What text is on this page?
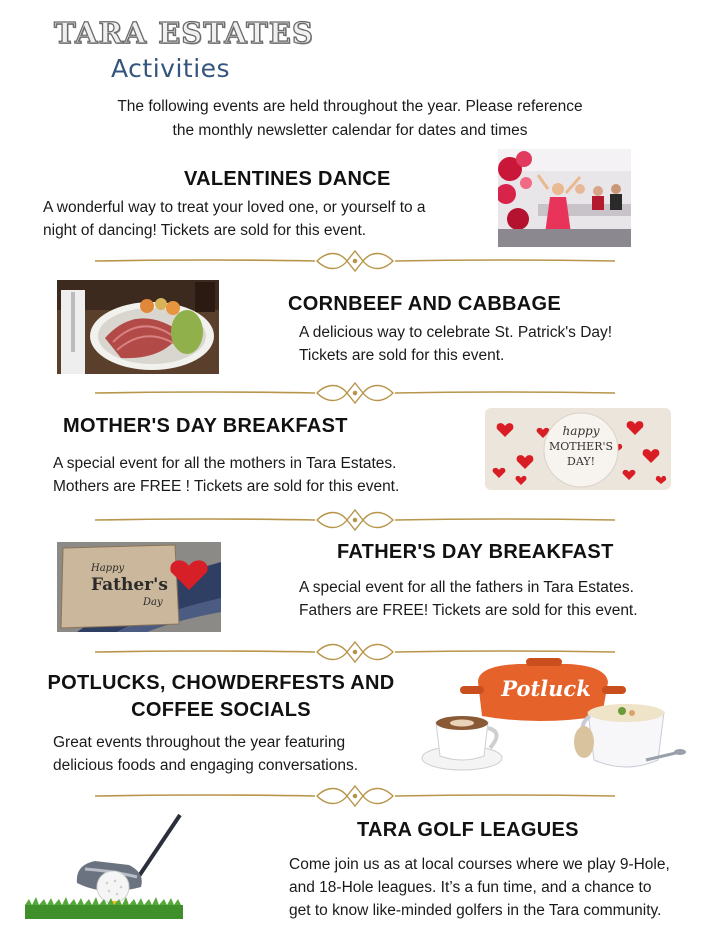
TARA ESTATES
Activities
The following events are held throughout the year. Please reference
the monthly newsletter calendar for dates and times
VALENTINES DANCE
A wonderful way to treat your loved one, or yourself to a
night of dancing! Tickets are sold for this event.
CORNBEEF AND CABBAGE
A delicious way to celebrate St. Patrick's Day!
Tickets are sold for this event.
MOTHER'S DAY BREAKFAST
A special event for all the mothers in Tara Estates.
Mothers are FREE ! Tickets are sold for this event.
happy
MOTHER'S
DAY!
Happy
Father's
Day
FATHER'S DAY BREAKFAST
A special event for all the fathers in Tara Estates.
Fathers are FREE! Tickets are sold for this event.
POTLUCKS, CHOWDERFESTS AND
COFFEE SOCIALS
Great events throughout the year featuring
delicious foods and engaging conversations.
Potluck
TARA GOLF LEAGUES
Come join us as at local courses where we play 9-Hole,
and 18-Hole leagues. It’s a fun time, and a chance to
get to know like-minded golfers in the Tara community.
